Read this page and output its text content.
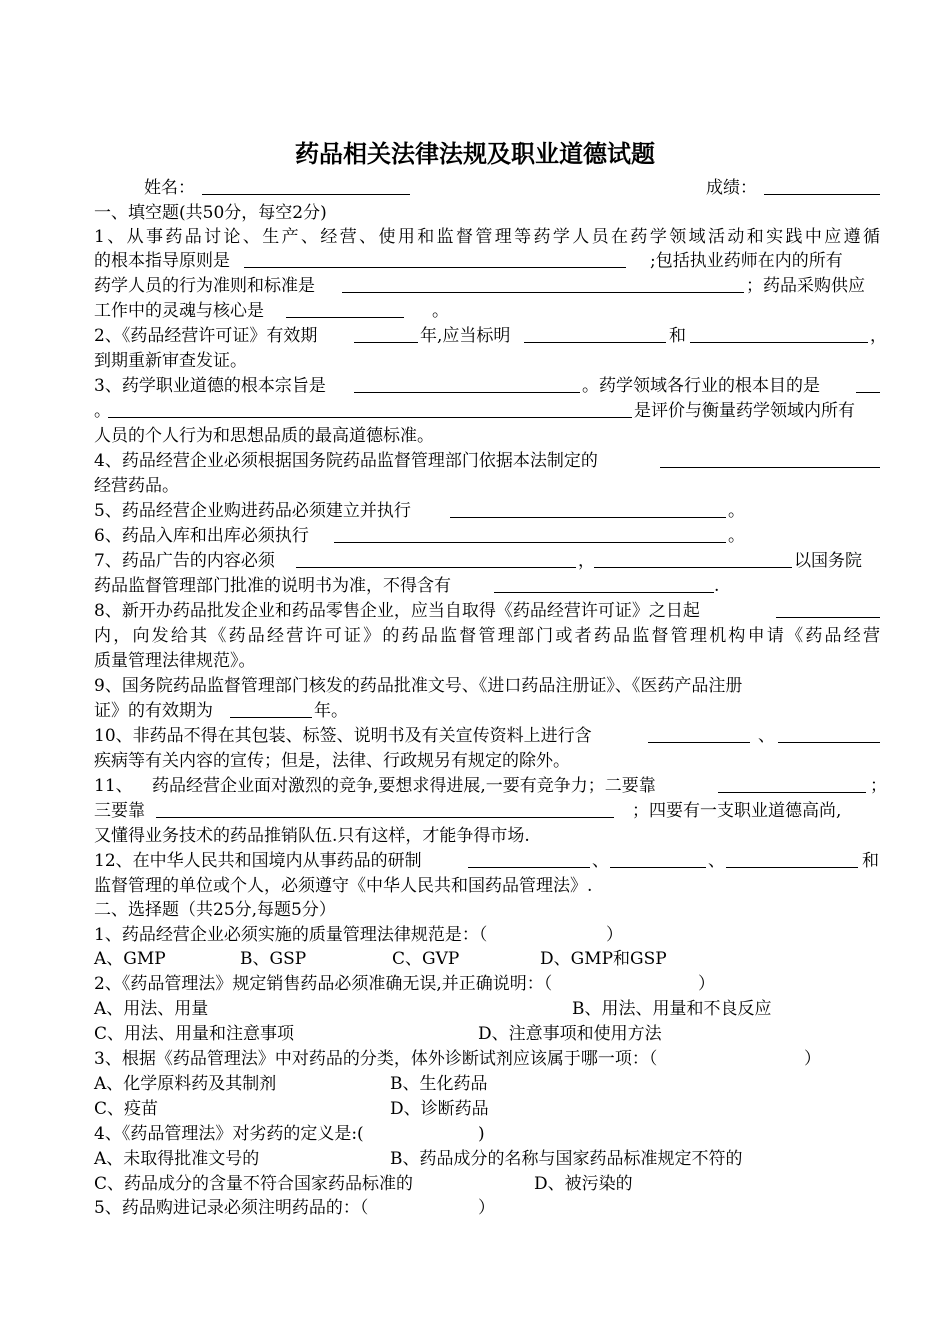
药品相关法律法规及职业道德试题
姓名：	成绩：
一、填空题(共50分，每空2分)
1、从事药品讨论、生产、经营、使用和监督管理等药学人员在药学领域活动和实践中应遵循
的根本指导原则是	;包括执业药师在内的所有
药学人员的行为准则和标准是	；药品采购供应
工作中的灵魂与核心是	。
2、《药品经营许可证》有效期	年,应当标明	和	，
到期重新审查发证。
3、药学职业道德的根本宗旨是	。药学领域各行业的根本目的是
。	是评价与衡量药学领域内所有
人员的个人行为和思想品质的最高道德标准。
4、药品经营企业必须根据国务院药品监督管理部门依据本法制定的
经营药品。
5、药品经营企业购进药品必须建立并执行	。
6、药品入库和出库必须执行	。
7、药品广告的内容必须	，	以国务院
药品监督管理部门批准的说明书为准，不得含有	.
8、新开办药品批发企业和药品零售企业，应当自取得《药品经营许可证》之日起
内，向发给其《药品经营许可证》的药品监督管理部门或者药品监督管理机构申请《药品经营
质量管理法律规范》。
9、国务院药品监督管理部门核发的药品批准文号、《进口药品注册证》、《医药产品注册
证》的有效期为	年。
10、非药品不得在其包装、标签、说明书及有关宣传资料上进行含	、
疾病等有关内容的宣传；但是，法律、行政规另有规定的除外。
11、 药品经营企业面对激烈的竞争,要想求得进展,一要有竞争力；二要靠	；
三要靠	；四要有一支职业道德高尚,
又懂得业务技术的药品推销队伍.只有这样，才能争得市场.
12、在中华人民共和国境内从事药品的研制	、	、	和
监督管理的单位或个人，必须遵守《中华人民共和国药品管理法》.
二、选择题（共25分,每题5分）
1、药品经营企业必须实施的质量管理法律规范是：（	）
A、GMP	B、GSP	C、GVP	D、GMP和GSP
2、《药品管理法》规定销售药品必须准确无误,并正确说明：（	）
A、用法、用量	B、用法、用量和不良反应
C、用法、用量和注意事项	D、注意事项和使用方法
3、根据《药品管理法》中对药品的分类，体外诊断试剂应该属于哪一项：（	）
A、化学原料药及其制剂	B、生化药品
C、疫苗	D、诊断药品
4、《药品管理法》对劣药的定义是:(	)
A、未取得批准文号的	B、药品成分的名称与国家药品标准规定不符的
C、药品成分的含量不符合国家药品标准的	D、被污染的
5、药品购进记录必须注明药品的：（	）
